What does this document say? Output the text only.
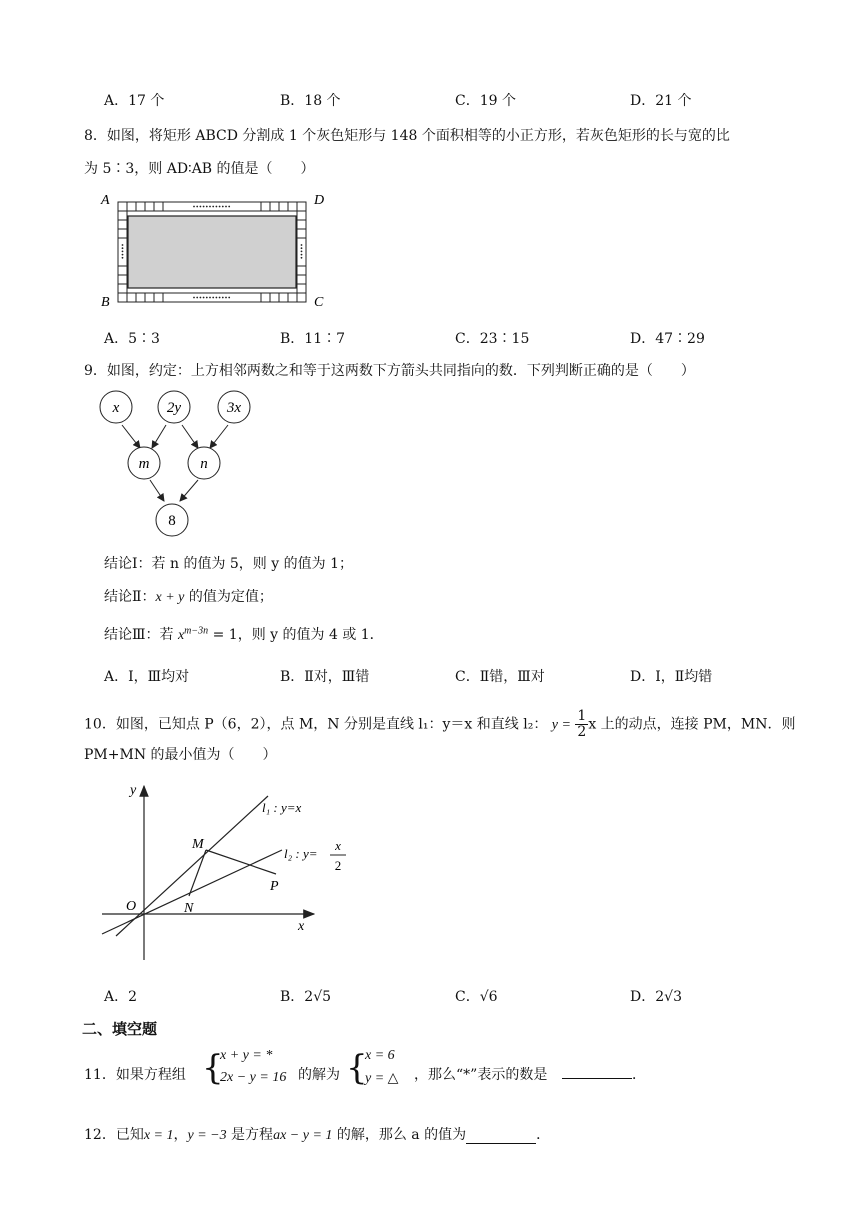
A．17 个	B．18 个	C．19 个	D．21 个
8．如图，将矩形 ABCD 分割成 1 个灰色矩形与 148 个面积相等的小正方形，若灰色矩形的长与宽的比
为 5∶3，则 AD∶AB 的值是（　　）
A	D
B	C
A．5∶3	B．11∶7	C．23∶15	D．47∶29
9．如图，约定：上方相邻两数之和等于这两数下方箭头共同指向的数．下列判断正确的是（　　）
x	2y	3x
m	n
8
结论Ⅰ：若 n 的值为 5，则 y 的值为 1；
结论Ⅱ：x + y 的值为定值；
结论Ⅲ：若 $x^{m-3n} = 1$，则 y 的值为 4 或 1．
A．Ⅰ，Ⅲ均对	B．Ⅱ对，Ⅲ错	C．Ⅱ错，Ⅲ对	D．Ⅰ，Ⅱ均错
10．如图，已知点 P（6，2），点 M，N 分别是直线 l₁：y＝x 和直线 l₂： $y = \frac{1}{2}$ x 上的动点，连接 PM，MN．则
PM+MN 的最小值为（　　）
y
x
O
M
N
P
l₁ : y=x
l₂ : y=
x
2
A．2	B．2√5	C．√6	D．2√3
二、填空题
11．如果方程组 {
x + y = *
2x − y = 16 的解为 {
x = 6
y = △ ，那么“*”表示的数是	．
12．已知x = 1，y = −3 是方程ax − y = 1 的解，那么 a 的值为	．
